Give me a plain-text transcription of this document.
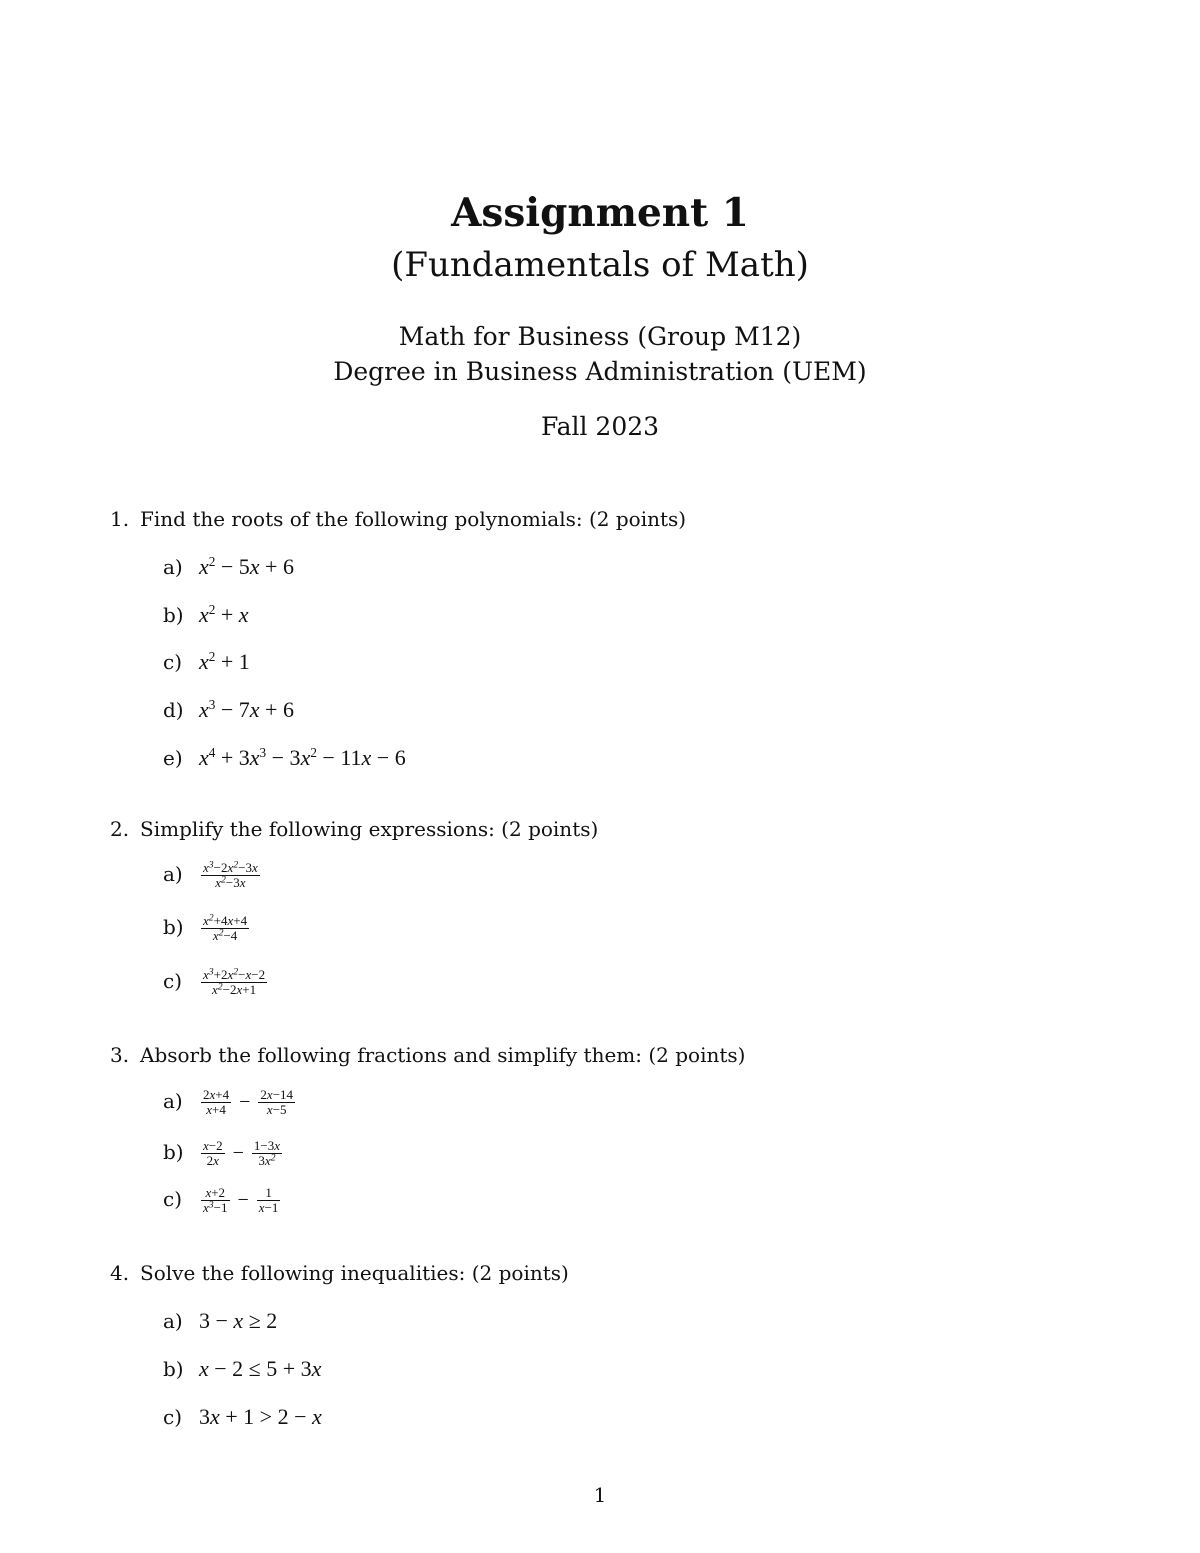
Assignment 1
(Fundamentals of Math)
Math for Business (Group M12)
Degree in Business Administration (UEM)
Fall 2023
1. Find the roots of the following polynomials: (2 points)
a) $x^2 - 5x + 6$
b) $x^2 + x$
c) $x^2 + 1$
d) $x^3 - 7x + 6$
e) $x^4 + 3x^3 - 3x^2 - 11x - 6$
2. Simplify the following expressions: (2 points)
$a) \frac{x^3-2x^2-3x}{x^2-3x}$
$b) \frac{x^2+4x+4}{x^2-4}$
$c) \frac{x^3+2x^2-x-2}{x^2-2x+1}$
3. Absorb the following fractions and simplify them: (2 points)
$a) \frac{2x+4}{x+4} - \frac{2x-14}{x-5}$
$b) \frac{x-2}{2x} - \frac{1-3x}{3x^2}$
$c) \frac{x+2}{x^3-1} - \frac{1}{x-1}$
4. Solve the following inequalities: (2 points)
a) 3 − x ≥ 2
b) x − 2 ≤ 5 + 3x
c) 3x + 1 > 2 − x
1
